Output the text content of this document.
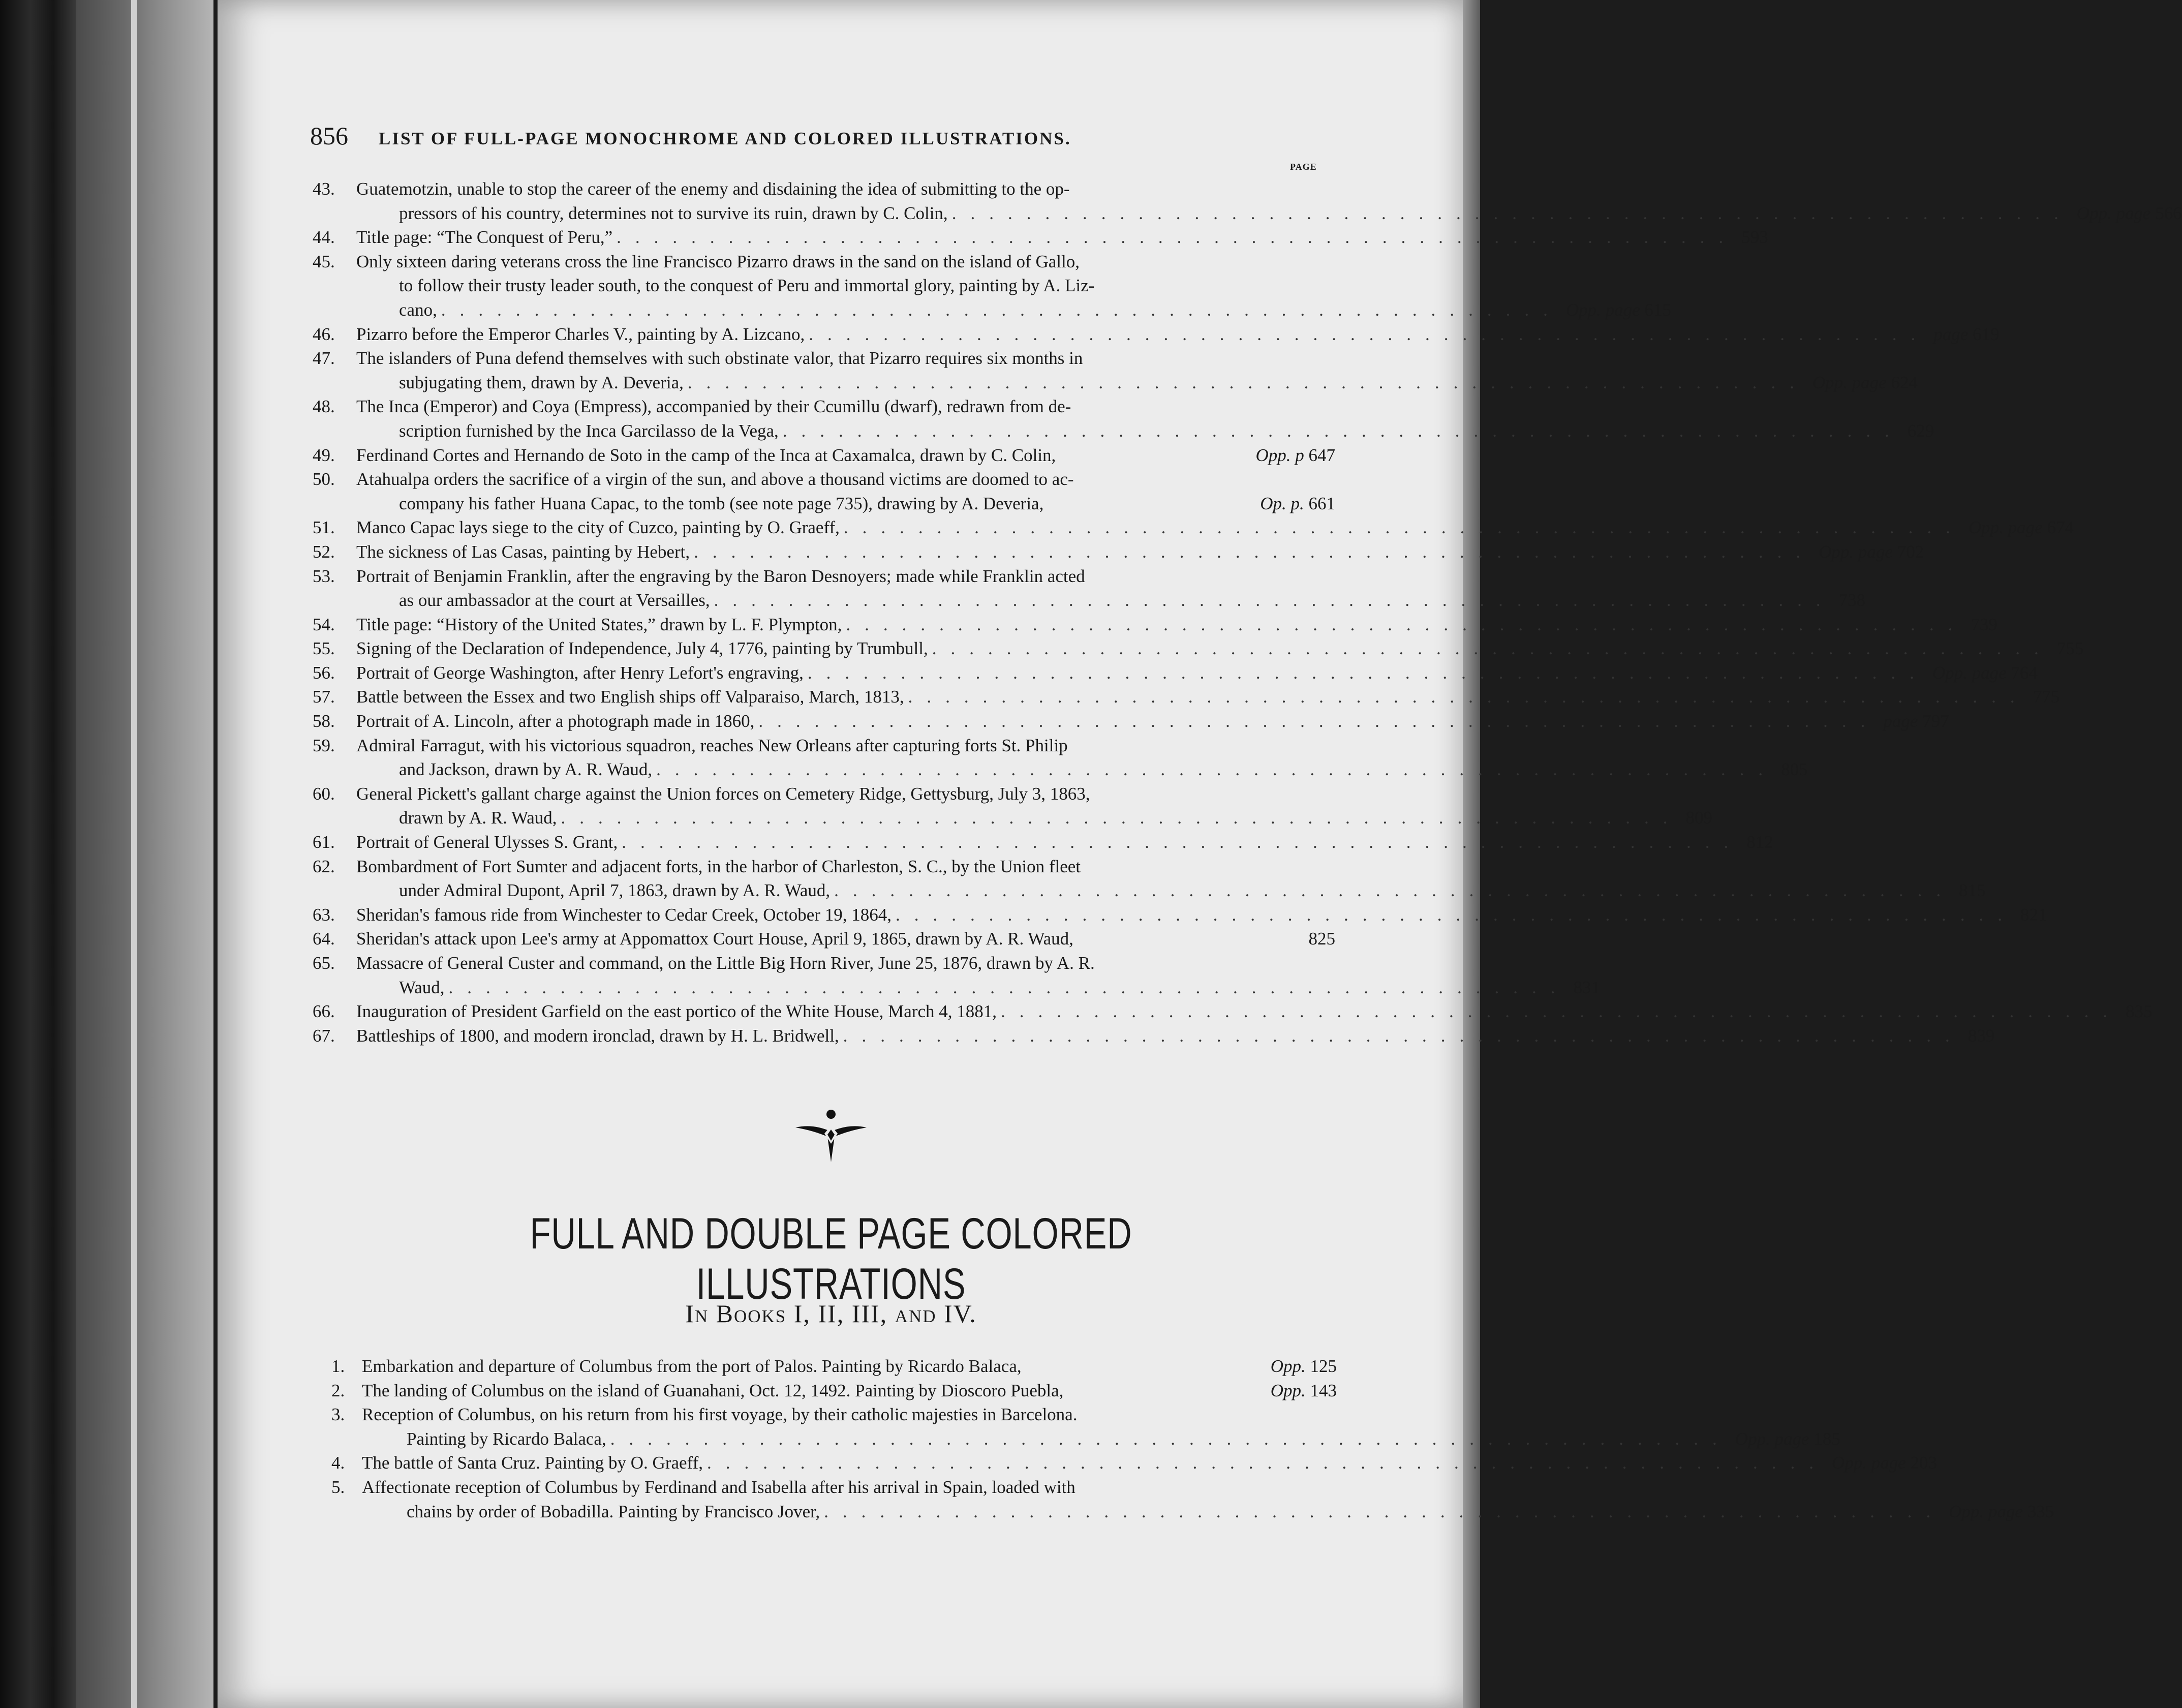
856	LIST OF FULL-PAGE MONOCHROME AND COLORED ILLUSTRATIONS.
PAGE
43.	Guatemotzin, unable to stop the career of the enemy and disdaining the idea of submitting to the op-
pressors of his country, determines not to survive its ruin, drawn by C. Colin, ............................................................ Opp. page 566
44.	Title page: “The Conquest of Peru,” ............................................................ 593
45.	Only sixteen daring veterans cross the line Francisco Pizarro draws in the sand on the island of Gallo,
to follow their trusty leader south, to the conquest of Peru and immortal glory, painting by A. Liz-
cano, ............................................................ Opp. page 615
46.	Pizarro before the Emperor Charles V., painting by A. Lizcano, ............................................................ page 619
47.	The islanders of Puna defend themselves with such obstinate valor, that Pizarro requires six months in
subjugating them, drawn by A. Deveria, ............................................................ Opp. page 624
48.	The Inca (Emperor) and Coya (Empress), accompanied by their Ccumillu (dwarf), redrawn from de-
scription furnished by the Inca Garcilasso de la Vega, ............................................................ 629
49.	Ferdinand Cortes and Hernando de Soto in the camp of the Inca at Caxamalca, drawn by C. Colin,	Opp. p 647
50.	Atahualpa orders the sacrifice of a virgin of the sun, and above a thousand victims are doomed to ac-
company his father Huana Capac, to the tomb (see note page 735), drawing by A. Deveria,	Op. p. 661
51.	Manco Capac lays siege to the city of Cuzco, painting by O. Graeff, ............................................................ Opp. page 674
52.	The sickness of Las Casas, painting by Hebert, ............................................................ Opp. page 702
53.	Portrait of Benjamin Franklin, after the engraving by the Baron Desnoyers; made while Franklin acted
as our ambassador at the court at Versailles, ............................................................ 738
54.	Title page: “History of the United States,” drawn by L. F. Plympton, ............................................................ 739
55.	Signing of the Declaration of Independence, July 4, 1776, painting by Trumbull, ............................................................ 755
56.	Portrait of George Washington, after Henry Lefort's engraving, ............................................................ Opp. page 764
57.	Battle between the Essex and two English ships off Valparaiso, March, 1813, ............................................................ 775
58.	Portrait of A. Lincoln, after a photograph made in 1860, ............................................................ page 797
59.	Admiral Farragut, with his victorious squadron, reaches New Orleans after capturing forts St. Philip
and Jackson, drawn by A. R. Waud, ............................................................ 805
60.	General Pickett's gallant charge against the Union forces on Cemetery Ridge, Gettysburg, July 3, 1863,
drawn by A. R. Waud, ............................................................ 809
61.	Portrait of General Ulysses S. Grant, ............................................................ 812
62.	Bombardment of Fort Sumter and adjacent forts, in the harbor of Charleston, S. C., by the Union fleet
under Admiral Dupont, April 7, 1863, drawn by A. R. Waud, ............................................................ 815
63.	Sheridan's famous ride from Winchester to Cedar Creek, October 19, 1864, ............................................................ 821
64.	Sheridan's attack upon Lee's army at Appomattox Court House, April 9, 1865, drawn by A. R. Waud,	825
65.	Massacre of General Custer and command, on the Little Big Horn River, June 25, 1876, drawn by A. R.
Waud, ............................................................ 831
66.	Inauguration of President Garfield on the east portico of the White House, March 4, 1881, ............................................................ 835
67.	Battleships of 1800, and modern ironclad, drawn by H. L. Bridwell, ............................................................ 839
FULL AND DOUBLE PAGE COLORED ILLUSTRATIONS
In Books I, II, III, and IV.
1. Embarkation and departure of Columbus from the port of Palos. Painting by Ricardo Balaca,	Opp. 125
2. The landing of Columbus on the island of Guanahani, Oct. 12, 1492. Painting by Dioscoro Puebla,	Opp. 143
3. Reception of Columbus, on his return from his first voyage, by their catholic majesties in Barcelona.
Painting by Ricardo Balaca, ............................................................ Opp. page 185
4. The battle of Santa Cruz. Painting by O. Graeff, ............................................................ Opp. page 203
5. Affectionate reception of Columbus by Ferdinand and Isabella after his arrival in Spain, loaded with
chains by order of Bobadilla. Painting by Francisco Jover, ............................................................ Opp. page 335
